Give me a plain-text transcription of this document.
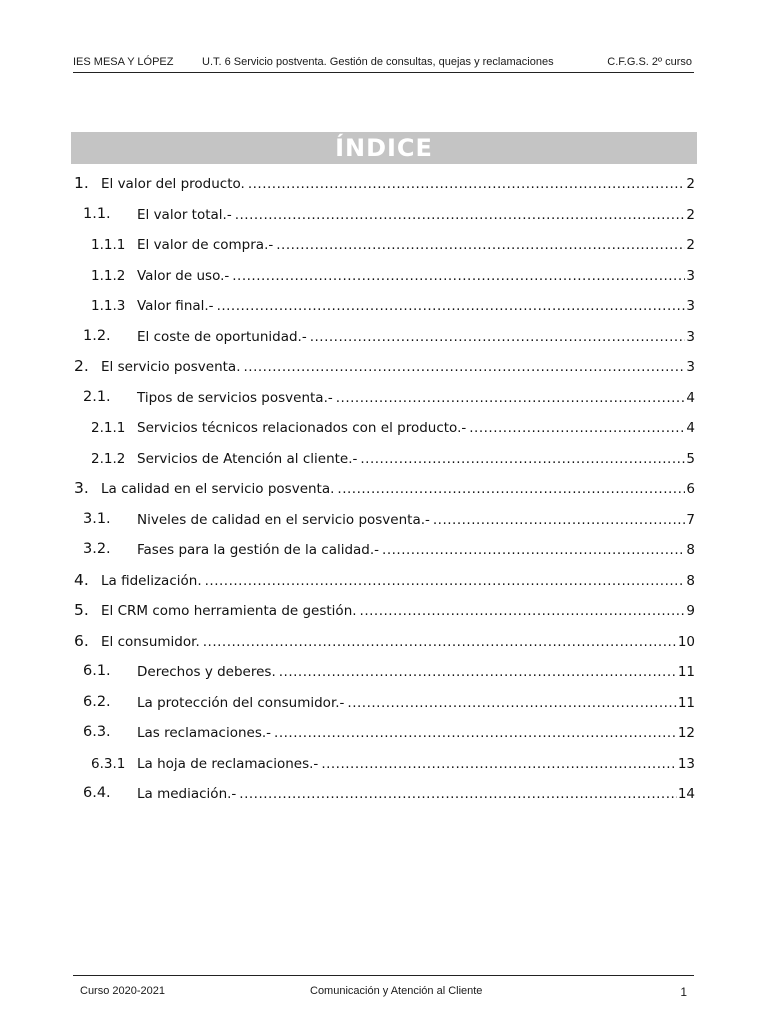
IES MESA Y LÓPEZ	U.T. 6 Servicio postventa. Gestión de consultas, quejas y reclamaciones	C.F.G.S. 2º curso
ÍNDICE
1. El valor del producto. .....	2
1.1. El valor total.- .....	2
1.1.1 El valor de compra.- .....	2
1.1.2 Valor de uso.- .....	3
1.1.3 Valor final.- .....	3
1.2. El coste de oportunidad.- .....	3
2. El servicio posventa. .....	3
2.1. Tipos de servicios posventa.- .....	4
2.1.1 Servicios técnicos relacionados con el producto.- .....	4
2.1.2 Servicios de Atención al cliente.- .....	5
3. La calidad en el servicio posventa. .....	6
3.1. Niveles de calidad en el servicio posventa.- .....	7
3.2. Fases para la gestión de la calidad.- .....	8
4. La fidelización. .....	8
5. El CRM como herramienta de gestión. .....	9
6. El consumidor. .....	10
6.1. Derechos y deberes. .....	11
6.2. La protección del consumidor.- .....	11
6.3. Las reclamaciones.- .....	12
6.3.1 La hoja de reclamaciones.- .....	13
6.4. La mediación.- .....	14
Curso 2020-2021	Comunicación y Atención al Cliente	1
